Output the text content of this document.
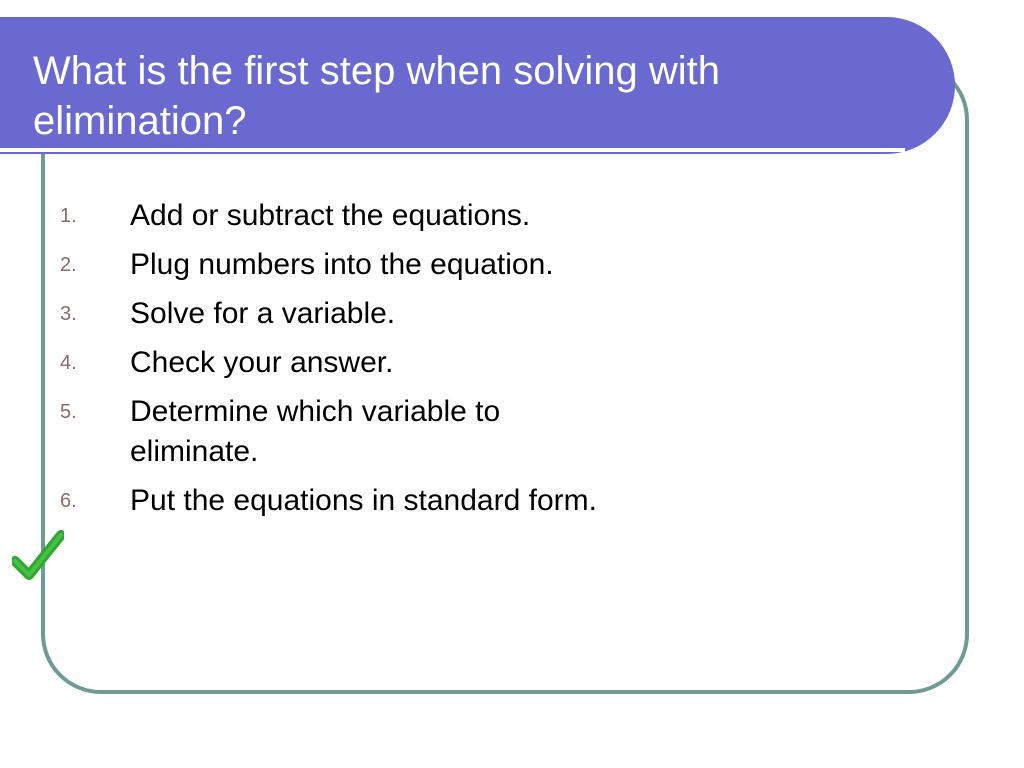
What is the first step when solving with elimination?
1.	Add or subtract the equations.
2.	Plug numbers into the equation.
3.	Solve for a variable.
4.	Check your answer.
5.	Determine which variable to eliminate.
6.	Put the equations in standard form.
